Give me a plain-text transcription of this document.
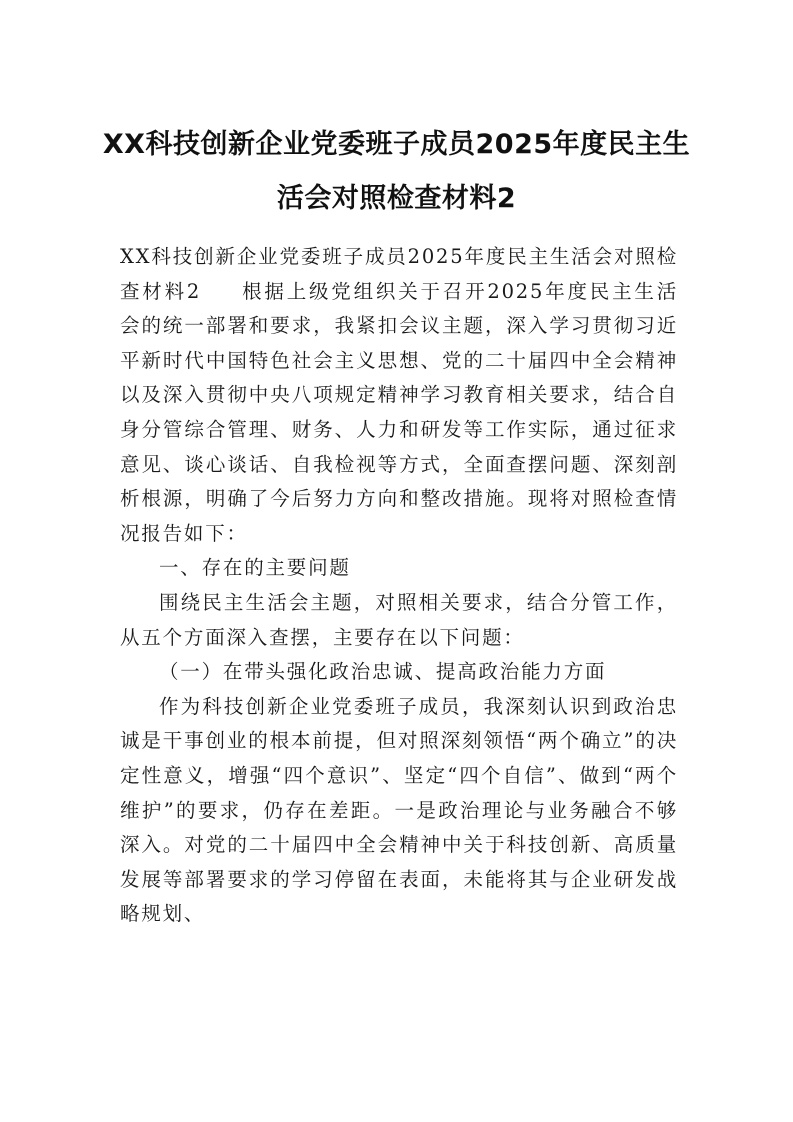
XX科技创新企业党委班子成员2025年度民主生活会对照检查材料2

XX科技创新企业党委班子成员2025年度民主生活会对照检查材料2 根据上级党组织关于召开2025年度民主生活会的统一部署和要求，我紧扣会议主题，深入学习贯彻习近平新时代中国特色社会主义思想、党的二十届四中全会精神以及深入贯彻中央八项规定精神学习教育相关要求，结合自身分管综合管理、财务、人力和研发等工作实际，通过征求意见、谈心谈话、自我检视等方式，全面查摆问题、深刻剖析根源，明确了今后努力方向和整改措施。现将对照检查情况报告如下：

一、存在的主要问题

围绕民主生活会主题，对照相关要求，结合分管工作，从五个方面深入查摆，主要存在以下问题：

（一）在带头强化政治忠诚、提高政治能力方面

作为科技创新企业党委班子成员，我深刻认识到政治忠诚是干事创业的根本前提，但对照深刻领悟“两个确立”的决定性意义，增强“四个意识”、坚定“四个自信”、做到“两个维护”的要求，仍存在差距。一是政治理论与业务融合不够深入。对党的二十届四中全会精神中关于科技创新、高质量发展等部署要求的学习停留在表面，未能将其与企业研发战略规划、
